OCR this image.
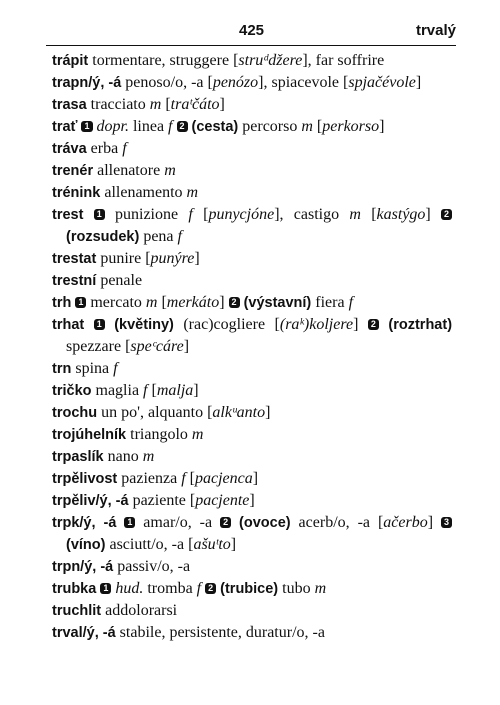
425	trvalý

trápit tormentare, struggere [struᵈdžere], far soffrire

trapn/ý, -á penoso/o, -a [penózo], spiacevole [spjačévole]

trasa tracciato m [traᵗčáto]

trať 1 dopr. linea f 2 (cesta) percorso m [perkorso]

tráva erba f

trenér allenatore m

trénink allenamento m

trest 1 punizione f [punycjóne], castigo m [kastýgo] 2 (rozsudek) pena f

trestat punire [punýre]

trestní penale

trh 1 mercato m [merkáto] 2 (výstavní) fiera f

trhat 1 (květiny) (rac)cogliere [(raᵏ)koljere] 2 (roztrhat) spezzare [speᶜcáre]

trn spina f

tričko maglia f [malja]

trochu un po', alquanto [alkᵘanto]

trojúhelník triangolo m

trpaslík nano m

trpělivost pazienza f [pacjenca]

trpěliv/ý, -á paziente [pacjente]

trpk/ý, -á 1 amar/o, -a 2 (ovoce) acerb/o, -a [ačerbo] 3 (víno) asciutt/o, -a [ašuᵗto]

trpn/ý, -á passiv/o, -a

trubka 1 hud. tromba f 2 (trubice) tubo m

truchlit addolorarsi

trval/ý, -á stabile, persistente, duratur/o, -a
